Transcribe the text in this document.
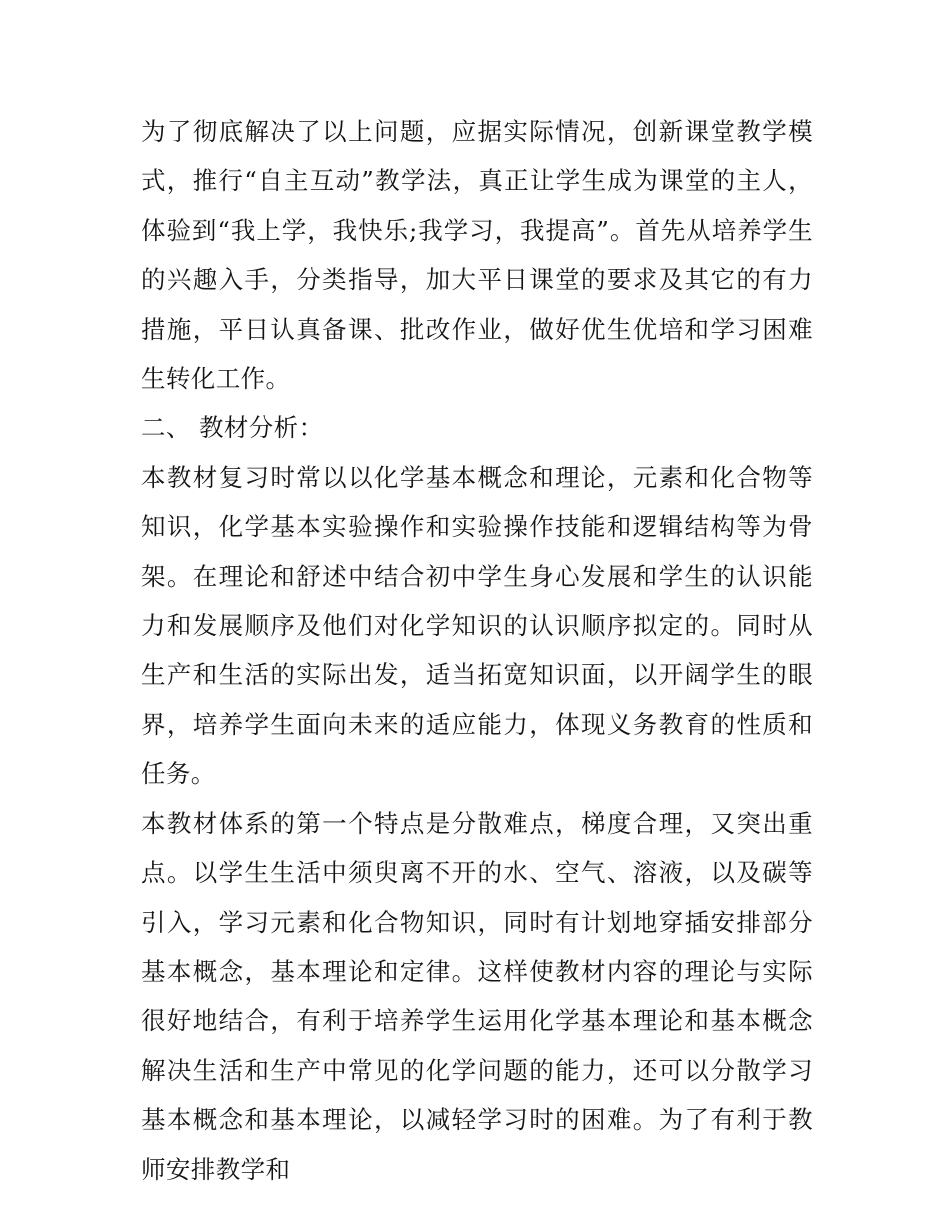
为了彻底解决了以上问题，应据实际情况，创新课堂教学模式，推行“自主互动”教学法，真正让学生成为课堂的主人，体验到“我上学，我快乐;我学习，我提高”。首先从培养学生的兴趣入手，分类指导，加大平日课堂的要求及其它的有力措施，平日认真备课、批改作业，做好优生优培和学习困难生转化工作。

二、 教材分析：

本教材复习时常以以化学基本概念和理论，元素和化合物等知识，化学基本实验操作和实验操作技能和逻辑结构等为骨架。在理论和舒述中结合初中学生身心发展和学生的认识能力和发展顺序及他们对化学知识的认识顺序拟定的。同时从生产和生活的实际出发，适当拓宽知识面，以开阔学生的眼界，培养学生面向未来的适应能力，体现义务教育的性质和任务。

本教材体系的第一个特点是分散难点，梯度合理，又突出重点。以学生生活中须臾离不开的水、空气、溶液，以及碳等引入，学习元素和化合物知识，同时有计划地穿插安排部分基本概念，基本理论和定律。这样使教材内容的理论与实际很好地结合，有利于培养学生运用化学基本理论和基本概念解决生活和生产中常见的化学问题的能力，还可以分散学习基本概念和基本理论，以减轻学习时的困难。为了有利于教师安排教学和
